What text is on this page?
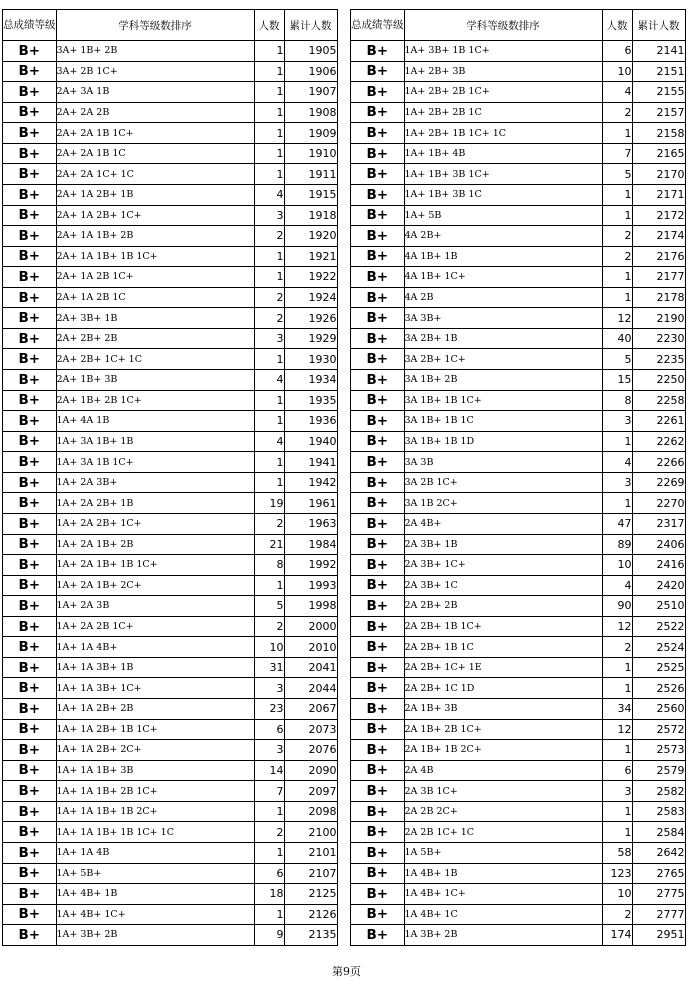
总成绩等级	学科等级数排序	人数	累计人数
B+	3A+ 1B+ 2B	1	1905
B+	3A+ 2B 1C+	1	1906
B+	2A+ 3A 1B	1	1907
B+	2A+ 2A 2B	1	1908
B+	2A+ 2A 1B 1C+	1	1909
B+	2A+ 2A 1B 1C	1	1910
B+	2A+ 2A 1C+ 1C	1	1911
B+	2A+ 1A 2B+ 1B	4	1915
B+	2A+ 1A 2B+ 1C+	3	1918
B+	2A+ 1A 1B+ 2B	2	1920
B+	2A+ 1A 1B+ 1B 1C+	1	1921
B+	2A+ 1A 2B 1C+	1	1922
B+	2A+ 1A 2B 1C	2	1924
B+	2A+ 3B+ 1B	2	1926
B+	2A+ 2B+ 2B	3	1929
B+	2A+ 2B+ 1C+ 1C	1	1930
B+	2A+ 1B+ 3B	4	1934
B+	2A+ 1B+ 2B 1C+	1	1935
B+	1A+ 4A 1B	1	1936
B+	1A+ 3A 1B+ 1B	4	1940
B+	1A+ 3A 1B 1C+	1	1941
B+	1A+ 2A 3B+	1	1942
B+	1A+ 2A 2B+ 1B	19	1961
B+	1A+ 2A 2B+ 1C+	2	1963
B+	1A+ 2A 1B+ 2B	21	1984
B+	1A+ 2A 1B+ 1B 1C+	8	1992
B+	1A+ 2A 1B+ 2C+	1	1993
B+	1A+ 2A 3B	5	1998
B+	1A+ 2A 2B 1C+	2	2000
B+	1A+ 1A 4B+	10	2010
B+	1A+ 1A 3B+ 1B	31	2041
B+	1A+ 1A 3B+ 1C+	3	2044
B+	1A+ 1A 2B+ 2B	23	2067
B+	1A+ 1A 2B+ 1B 1C+	6	2073
B+	1A+ 1A 2B+ 2C+	3	2076
B+	1A+ 1A 1B+ 3B	14	2090
B+	1A+ 1A 1B+ 2B 1C+	7	2097
B+	1A+ 1A 1B+ 1B 2C+	1	2098
B+	1A+ 1A 1B+ 1B 1C+ 1C	2	2100
B+	1A+ 1A 4B	1	2101
B+	1A+ 5B+	6	2107
B+	1A+ 4B+ 1B	18	2125
B+	1A+ 4B+ 1C+	1	2126
B+	1A+ 3B+ 2B	9	2135
总成绩等级	学科等级数排序	人数	累计人数
B+	1A+ 3B+ 1B 1C+	6	2141
B+	1A+ 2B+ 3B	10	2151
B+	1A+ 2B+ 2B 1C+	4	2155
B+	1A+ 2B+ 2B 1C	2	2157
B+	1A+ 2B+ 1B 1C+ 1C	1	2158
B+	1A+ 1B+ 4B	7	2165
B+	1A+ 1B+ 3B 1C+	5	2170
B+	1A+ 1B+ 3B 1C	1	2171
B+	1A+ 5B	1	2172
B+	4A 2B+	2	2174
B+	4A 1B+ 1B	2	2176
B+	4A 1B+ 1C+	1	2177
B+	4A 2B	1	2178
B+	3A 3B+	12	2190
B+	3A 2B+ 1B	40	2230
B+	3A 2B+ 1C+	5	2235
B+	3A 1B+ 2B	15	2250
B+	3A 1B+ 1B 1C+	8	2258
B+	3A 1B+ 1B 1C	3	2261
B+	3A 1B+ 1B 1D	1	2262
B+	3A 3B	4	2266
B+	3A 2B 1C+	3	2269
B+	3A 1B 2C+	1	2270
B+	2A 4B+	47	2317
B+	2A 3B+ 1B	89	2406
B+	2A 3B+ 1C+	10	2416
B+	2A 3B+ 1C	4	2420
B+	2A 2B+ 2B	90	2510
B+	2A 2B+ 1B 1C+	12	2522
B+	2A 2B+ 1B 1C	2	2524
B+	2A 2B+ 1C+ 1E	1	2525
B+	2A 2B+ 1C 1D	1	2526
B+	2A 1B+ 3B	34	2560
B+	2A 1B+ 2B 1C+	12	2572
B+	2A 1B+ 1B 2C+	1	2573
B+	2A 4B	6	2579
B+	2A 3B 1C+	3	2582
B+	2A 2B 2C+	1	2583
B+	2A 2B 1C+ 1C	1	2584
B+	1A 5B+	58	2642
B+	1A 4B+ 1B	123	2765
B+	1A 4B+ 1C+	10	2775
B+	1A 4B+ 1C	2	2777
B+	1A 3B+ 2B	174	2951
第9页
